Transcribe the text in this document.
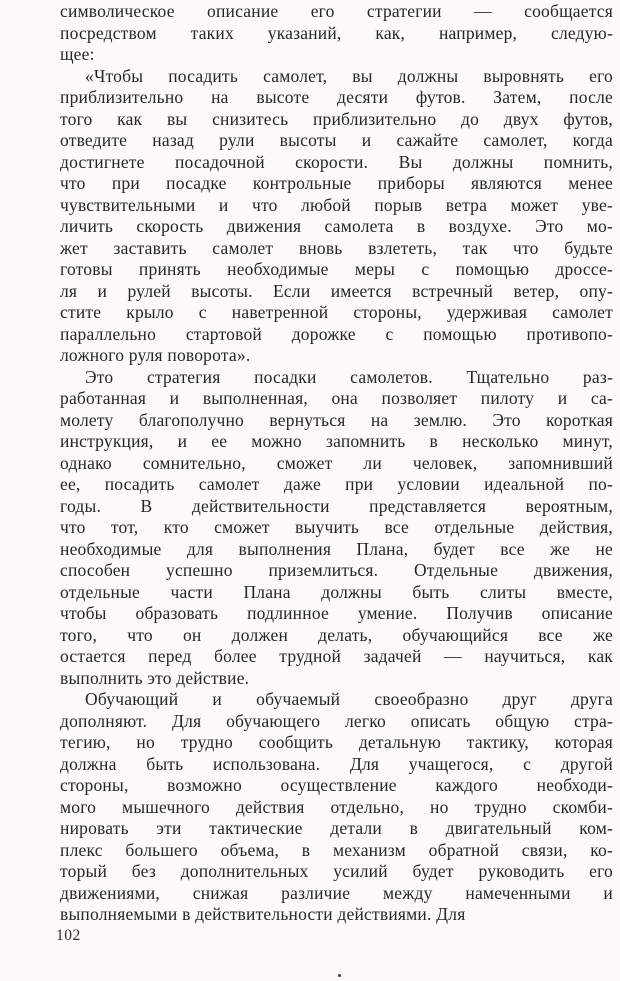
символическое описание его стратегии — сообщается
посредством таких указаний, как, например, следую-
щее:
«Чтобы посадить самолет, вы должны выровнять его
приблизительно на высоте десяти футов. Затем, после
того как вы снизитесь приблизительно до двух футов,
отведите назад рули высоты и сажайте самолет, когда
достигнете посадочной скорости. Вы должны помнить,
что при посадке контрольные приборы являются менее
чувствительными и что любой порыв ветра может уве-
личить скорость движения самолета в воздухе. Это мо-
жет заставить самолет вновь взлететь, так что будьте
готовы принять необходимые меры с помощью дроссе-
ля и рулей высоты. Если имеется встречный ветер, опу-
стите крыло с наветренной стороны, удерживая самолет
параллельно стартовой дорожке с помощью противопо-
ложного руля поворота».
Это стратегия посадки самолетов. Тщательно раз-
работанная и выполненная, она позволяет пилоту и са-
молету благополучно вернуться на землю. Это короткая
инструкция, и ее можно запомнить в несколько минут,
однако сомнительно, сможет ли человек, запомнивший
ее, посадить самолет даже при условии идеальной по-
годы. В действительности представляется вероятным,
что тот, кто сможет выучить все отдельные действия,
необходимые для выполнения Плана, будет все же не
способен успешно приземлиться. Отдельные движения,
отдельные части Плана должны быть слиты вместе,
чтобы образовать подлинное умение. Получив описание
того, что он должен делать, обучающийся все же
остается перед более трудной задачей — научиться, как
выполнить это действие.
Обучающий и обучаемый своеобразно друг друга
дополняют. Для обучающего легко описать общую стра-
тегию, но трудно сообщить детальную тактику, которая
должна быть использована. Для учащегося, с другой
стороны, возможно осуществление каждого необходи-
мого мышечного действия отдельно, но трудно скомби-
нировать эти тактические детали в двигательный ком-
плекс большего объема, в механизм обратной связи, ко-
торый без дополнительных усилий будет руководить его
движениями, снижая различие между намеченными и
выполняемыми в действительности действиями. Для
102
